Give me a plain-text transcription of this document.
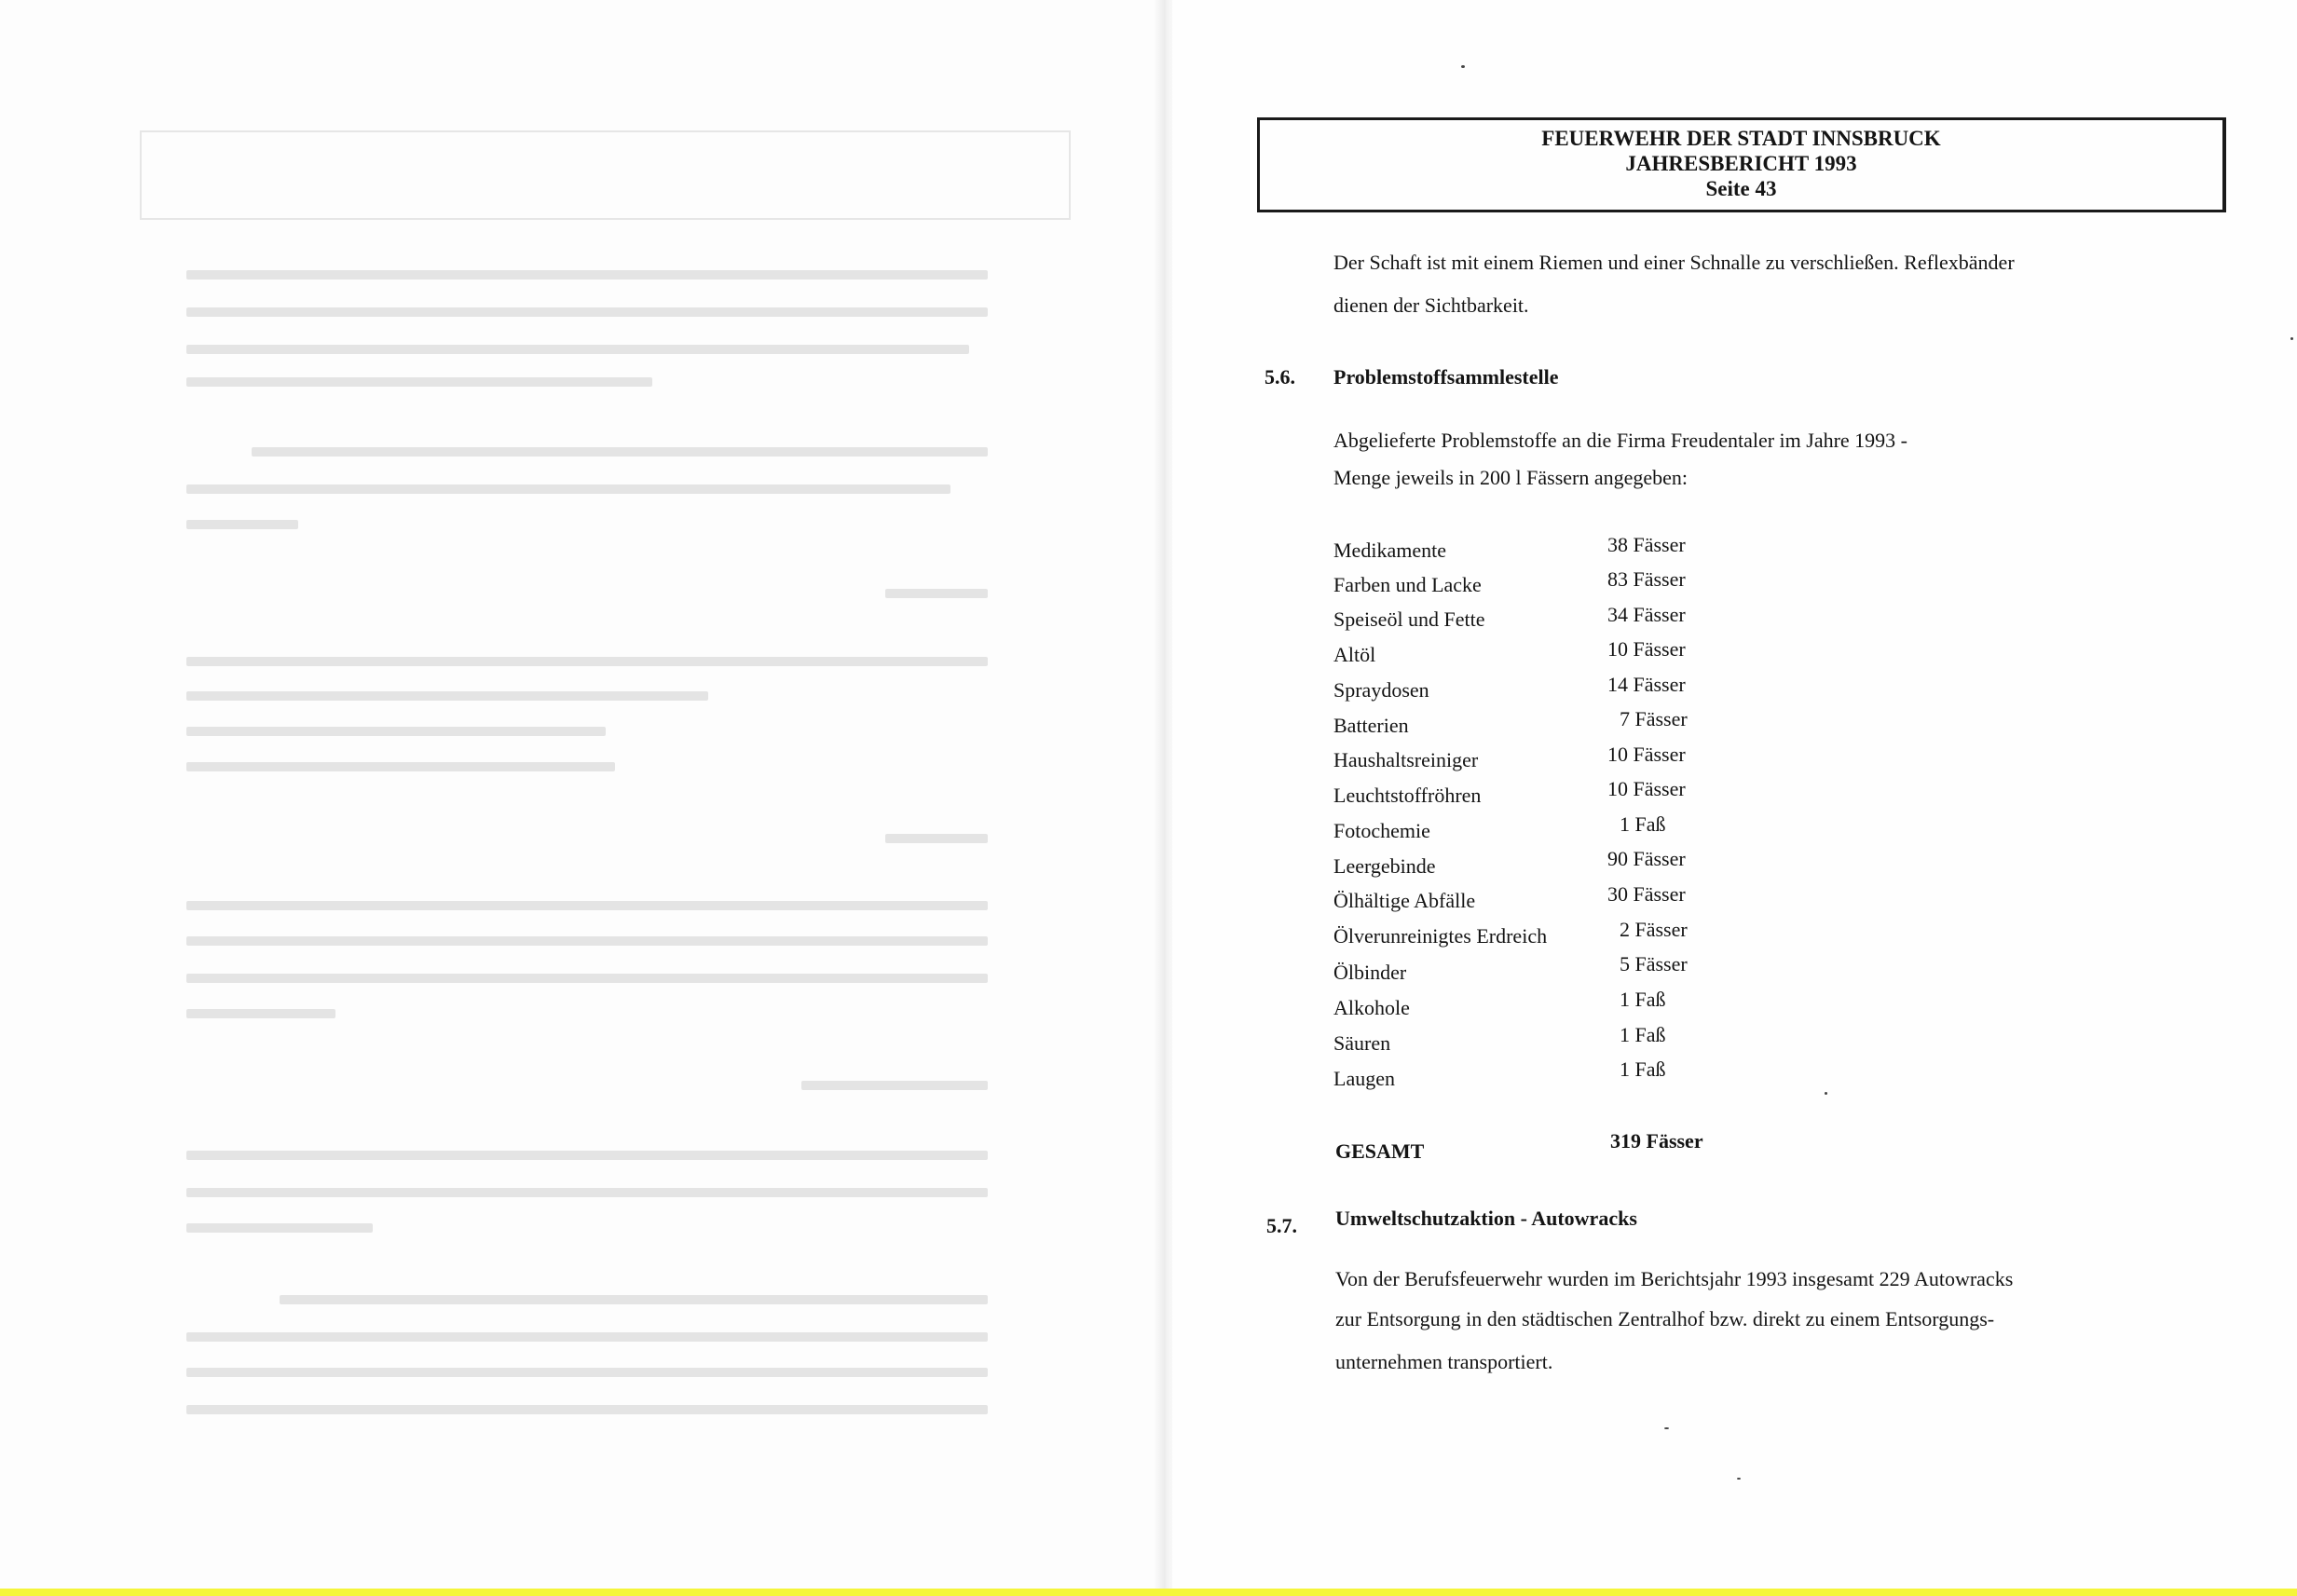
FEUERWEHR DER STADT INNSBRUCK
JAHRESBERICHT 1993
Seite 43
Der Schaft ist mit einem Riemen und einer Schnalle zu verschließen. Reflexbänder
dienen der Sichtbarkeit.
5.6. Problemstoffsammlestelle
Abgelieferte Problemstoffe an die Firma Freudentaler im Jahre 1993 -
Menge jeweils in 200 l Fässern angegeben:
Medikamente	38 Fässer
Farben und Lacke	83 Fässer
Speiseöl und Fette	34 Fässer
Altöl	10 Fässer
Spraydosen	14 Fässer
Batterien	7 Fässer
Haushaltsreiniger	10 Fässer
Leuchtstoffröhren	10 Fässer
Fotochemie	1 Faß
Leergebinde	90 Fässer
Ölhältige Abfälle	30 Fässer
Ölverunreinigtes Erdreich	2 Fässer
Ölbinder	5 Fässer
Alkohole	1 Faß
Säuren	1 Faß
Laugen	1 Faß
GESAMT	319 Fässer
5.7. Umweltschutzaktion - Autowracks
Von der Berufsfeuerwehr wurden im Berichtsjahr 1993 insgesamt 229 Autowracks
zur Entsorgung in den städtischen Zentralhof bzw. direkt zu einem Entsorgungs-
unternehmen transportiert.
